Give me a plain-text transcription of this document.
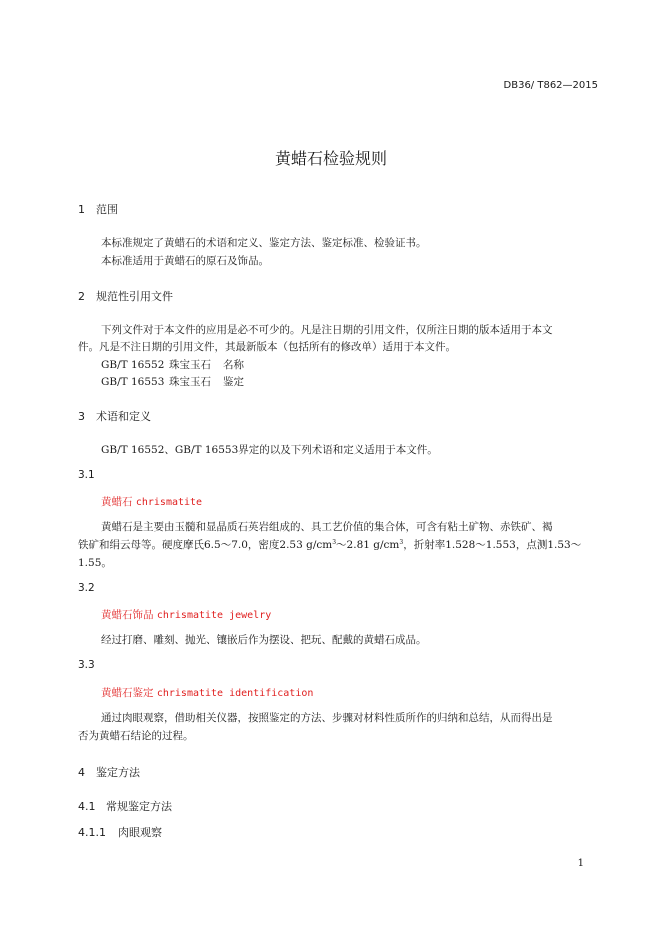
DB36/ T862—2015
黄蜡石检验规则
1 范围
本标准规定了黄蜡石的术语和定义、鉴定方法、鉴定标准、检验证书。
本标准适用于黄蜡石的原石及饰品。
2 规范性引用文件
下列文件对于本文件的应用是必不可少的。凡是注日期的引用文件，仅所注日期的版本适用于本文
件。凡是不注日期的引用文件，其最新版本（包括所有的修改单）适用于本文件。
GB/T 16552 珠宝玉石 名称
GB/T 16553 珠宝玉石 鉴定
3 术语和定义
GB/T 16552、GB/T 16553界定的以及下列术语和定义适用于本文件。
3.1
黄蜡石 chrismatite
黄蜡石是主要由玉髓和显晶质石英岩组成的、具工艺价值的集合体，可含有粘土矿物、赤铁矿、褐
铁矿和绢云母等。硬度摩氏6.5～7.0，密度2.53 $g/cm^3\sim 2.81$ $g/cm^3$，折射率1.528～1.553，点测1.53～
1.55。
3.2
黄蜡石饰品 chrismatite jewelry
经过打磨、雕刻、抛光、镶嵌后作为摆设、把玩、配戴的黄蜡石成品。
3.3
黄蜡石鉴定 chrismatite identification
通过肉眼观察，借助相关仪器，按照鉴定的方法、步骤对材料性质所作的归纳和总结，从而得出是
否为黄蜡石结论的过程。
4 鉴定方法
4.1 常规鉴定方法
4.1.1 肉眼观察
1
